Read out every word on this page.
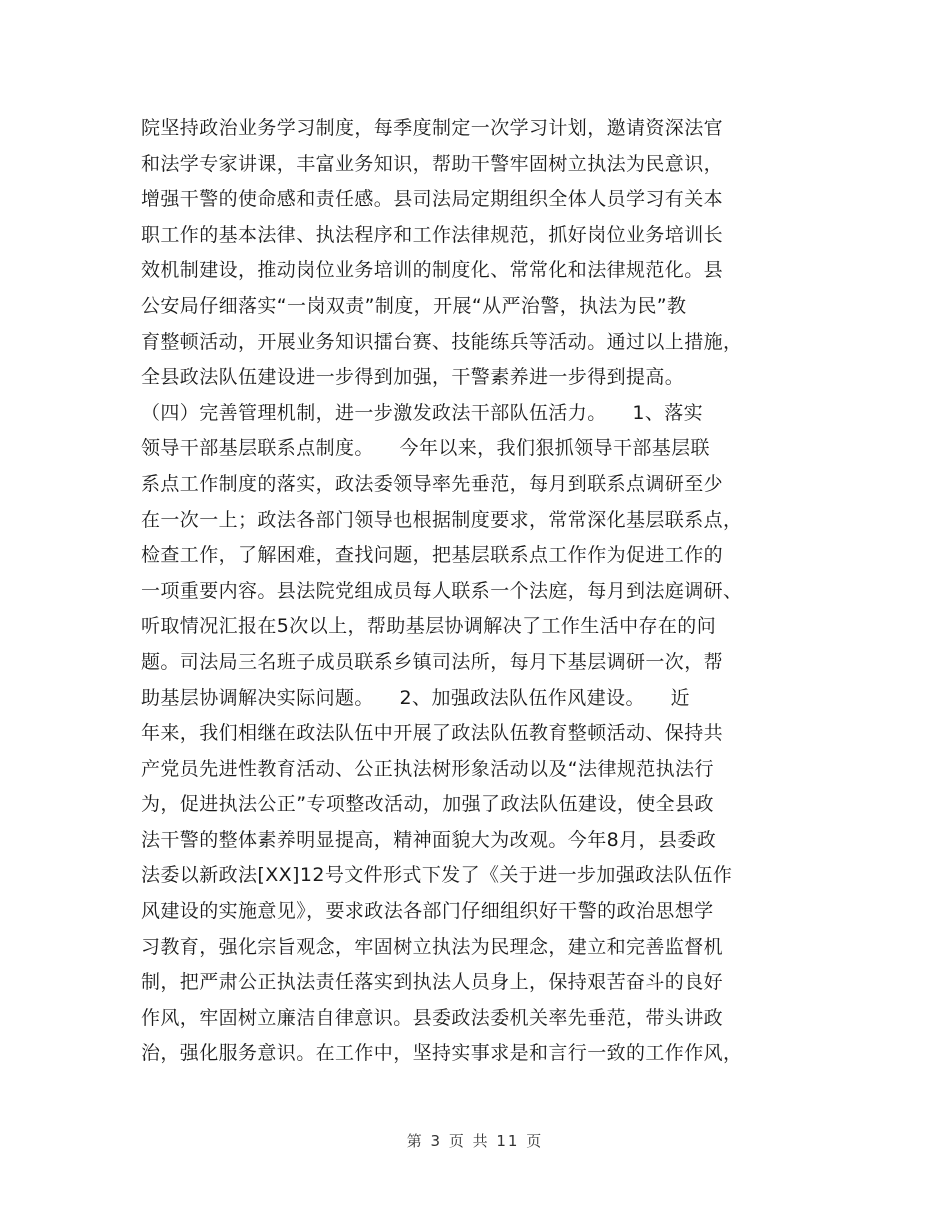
院坚持政治业务学习制度，每季度制定一次学习计划，邀请资深法官
和法学专家讲课，丰富业务知识，帮助干警牢固树立执法为民意识，
增强干警的使命感和责任感。县司法局定期组织全体人员学习有关本
职工作的基本法律、执法程序和工作法律规范，抓好岗位业务培训长
效机制建设，推动岗位业务培训的制度化、常常化和法律规范化。县
公安局仔细落实“一岗双责”制度，开展“从严治警，执法为民”教
育整顿活动，开展业务知识擂台赛、技能练兵等活动。通过以上措施，
全县政法队伍建设进一步得到加强，干警素养进一步得到提高。
（四）完善管理机制，进一步激发政法干部队伍活力。    1、落实
领导干部基层联系点制度。    今年以来，我们狠抓领导干部基层联
系点工作制度的落实，政法委领导率先垂范，每月到联系点调研至少
在一次一上；政法各部门领导也根据制度要求，常常深化基层联系点，
检查工作，了解困难，查找问题，把基层联系点工作作为促进工作的
一项重要内容。县法院党组成员每人联系一个法庭，每月到法庭调研、
听取情况汇报在5次以上，帮助基层协调解决了工作生活中存在的问
题。司法局三名班子成员联系乡镇司法所，每月下基层调研一次，帮
助基层协调解决实际问题。    2、加强政法队伍作风建设。    近
年来，我们相继在政法队伍中开展了政法队伍教育整顿活动、保持共
产党员先进性教育活动、公正执法树形象活动以及“法律规范执法行
为，促进执法公正”专项整改活动，加强了政法队伍建设，使全县政
法干警的整体素养明显提高，精神面貌大为改观。今年8月，县委政
法委以新政法[XX]12号文件形式下发了《关于进一步加强政法队伍作
风建设的实施意见》，要求政法各部门仔细组织好干警的政治思想学
习教育，强化宗旨观念，牢固树立执法为民理念，建立和完善监督机
制，把严肃公正执法责任落实到执法人员身上，保持艰苦奋斗的良好
作风，牢固树立廉洁自律意识。县委政法委机关率先垂范，带头讲政
治，强化服务意识。在工作中，坚持实事求是和言行一致的工作作风，
第 3 页 共 11 页
